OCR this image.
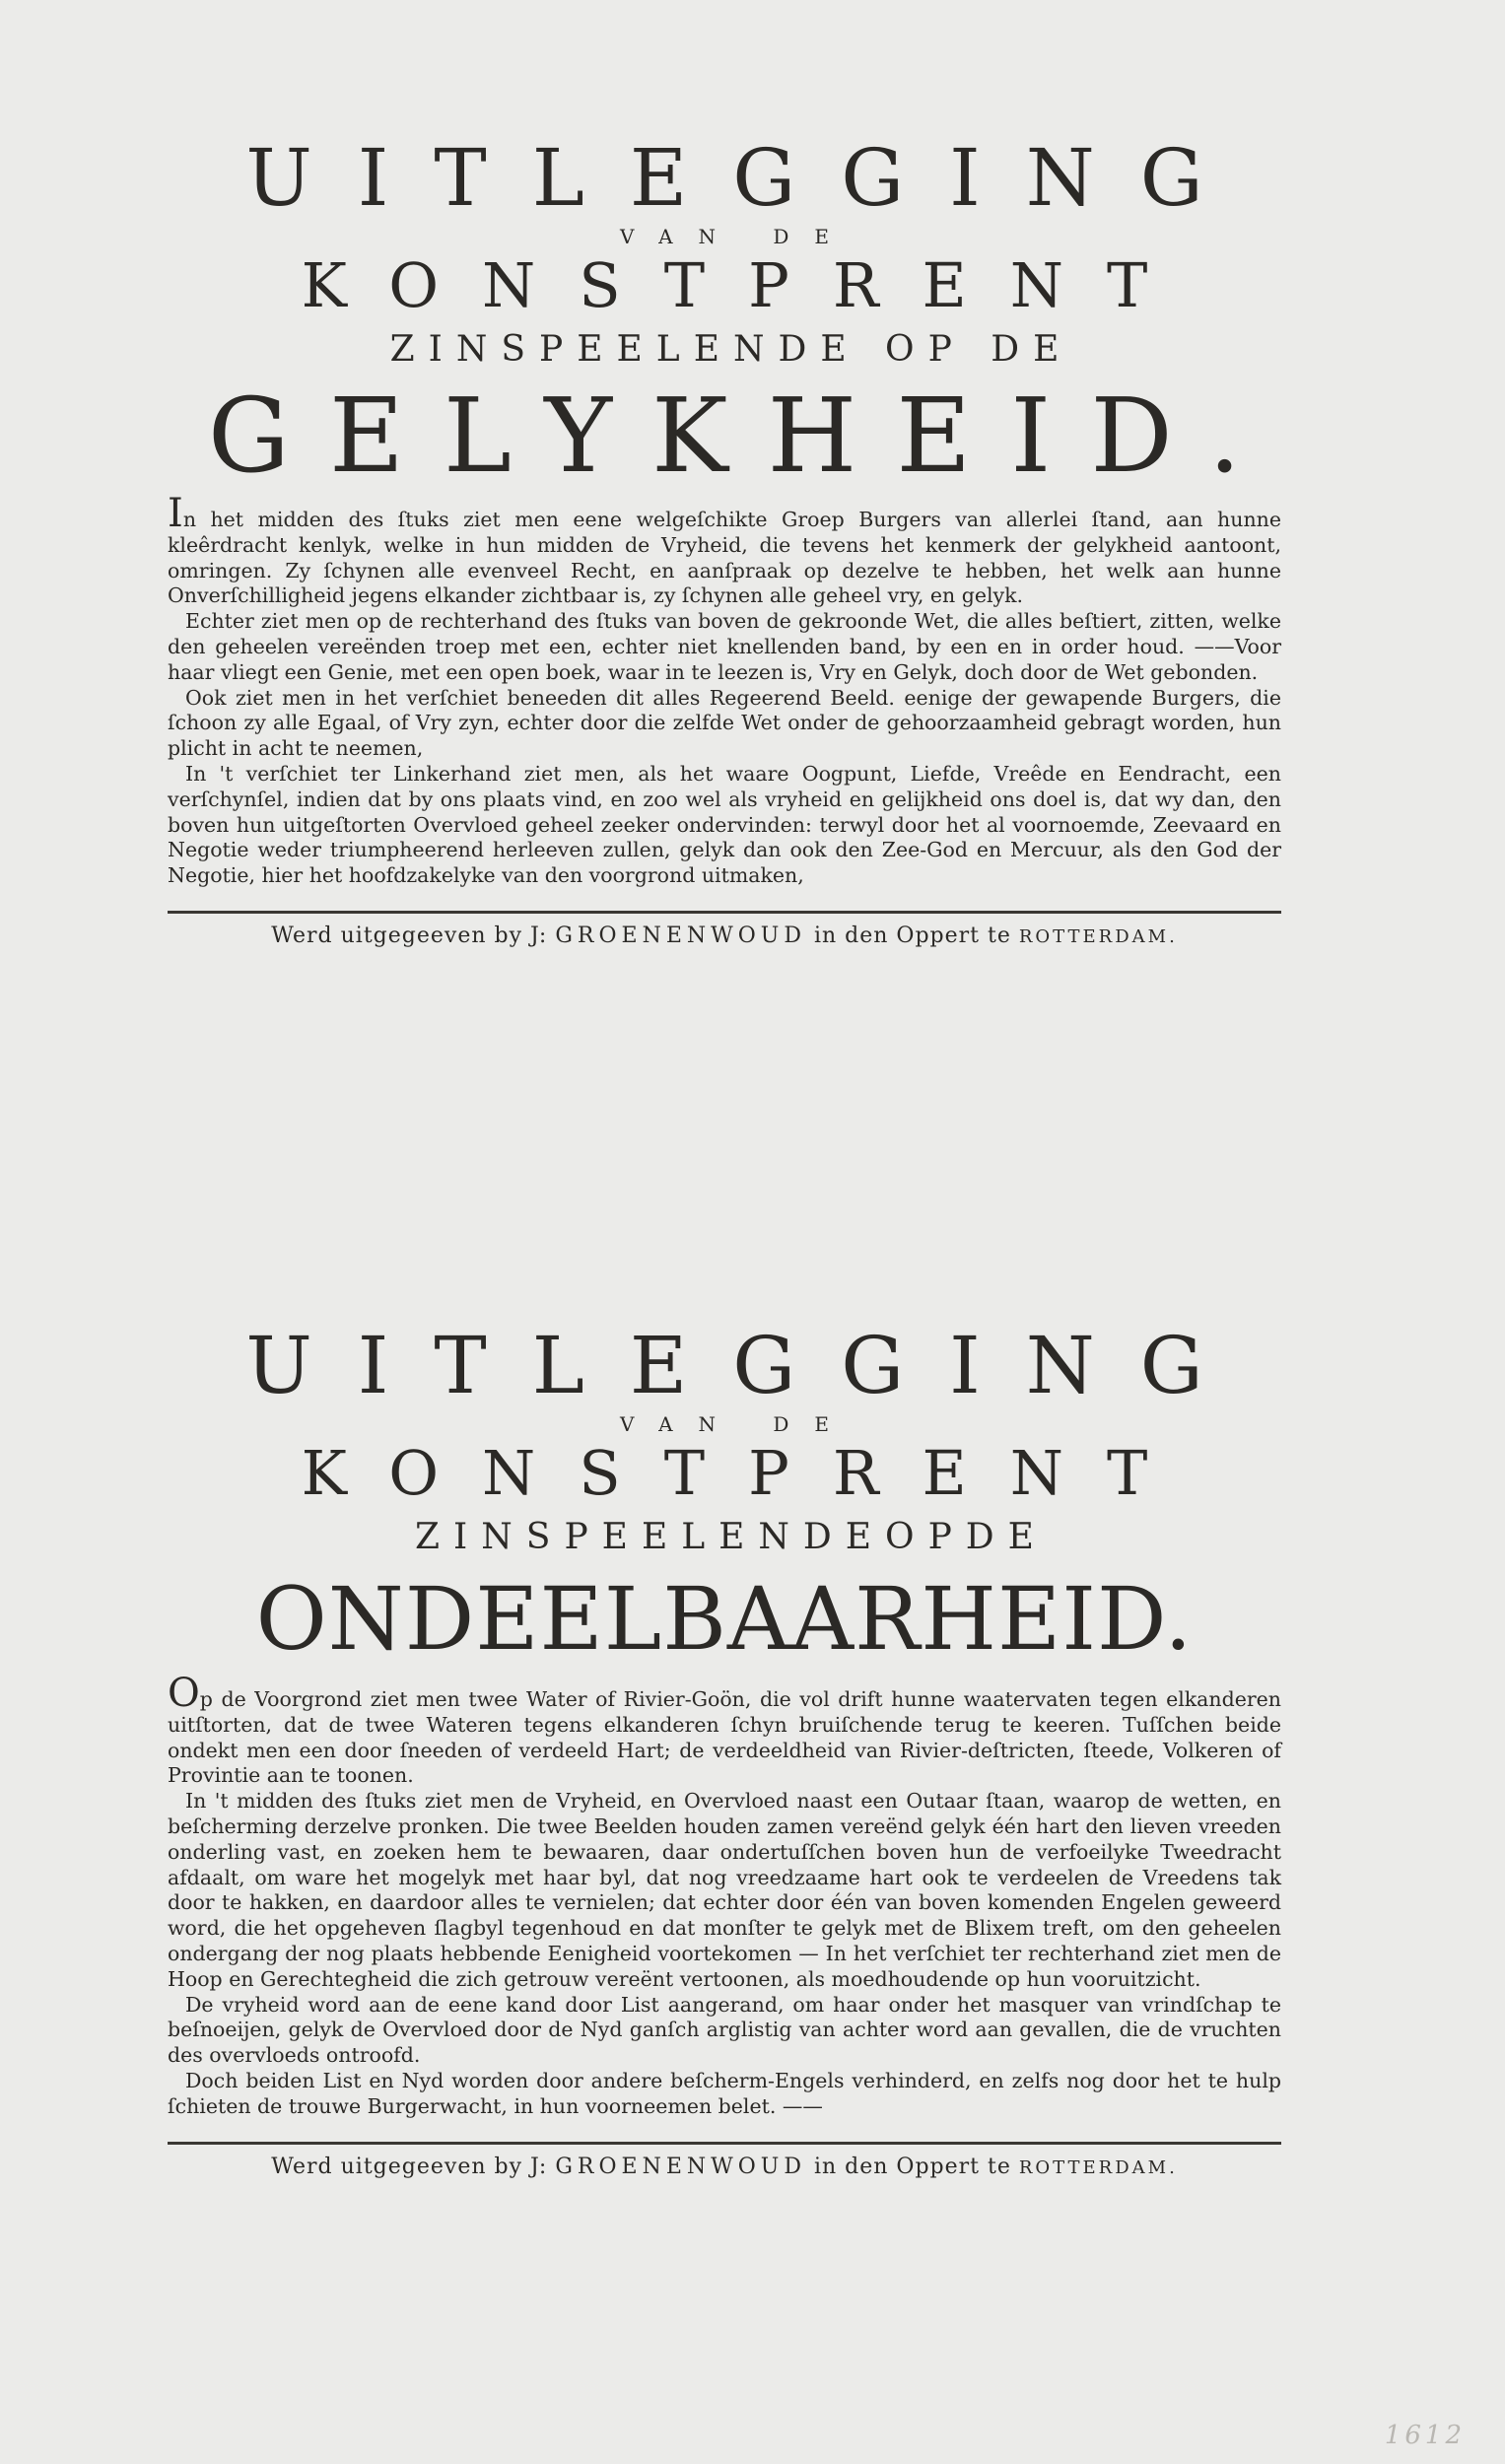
UITLEGGING
VAN DE
KONSTPRENT
ZINSPEELENDE OP DE
GELYKHEID.

In het midden des ſtuks ziet men eene welgeſchikte Groep Burgers van allerlei ſtand, aan hunne kleêrdracht kenlyk, welke in hun midden de Vryheid, die tevens het kenmerk der gelykheid aantoont, omringen. Zy ſchynen alle evenveel Recht, en aanſpraak op dezelve te hebben, het welk aan hunne Onverſchilligheid jegens elkander zichtbaar is, zy ſchynen alle geheel vry, en gelyk.

Echter ziet men op de rechterhand des ſtuks van boven de gekroonde Wet, die alles beſtiert, zitten, welke den geheelen vereënden troep met een, echter niet knellenden band, by een en in order houd. ——Voor haar vliegt een Genie, met een open boek, waar in te leezen is, Vry en Gelyk, doch door de Wet gebonden.

Ook ziet men in het verſchiet beneeden dit alles Regeerend Beeld. eenige der gewapende Burgers, die ſchoon zy alle Egaal, of Vry zyn, echter door die zelfde Wet onder de gehoorzaamheid gebragt worden, hun plicht in acht te neemen,

In 't verſchiet ter Linkerhand ziet men, als het waare Oogpunt, Liefde, Vreêde en Eendracht, een verſchynſel, indien dat by ons plaats vind, en zoo wel als vryheid en gelijkheid ons doel is, dat wy dan, den boven hun uitgeſtorten Overvloed geheel zeeker ondervinden: terwyl door het al voornoemde, Zeevaard en Negotie weder triumpheerend herleeven zullen, gelyk dan ook den Zee-God en Mercuur, als den God der Negotie, hier het hoofdzakelyke van den voorgrond uitmaken,

Werd uitgegeeven by J: GROENENWOUD in den Oppert te ROTTERDAM.

UITLEGGING
VAN DE
KONSTPRENT
ZINSPEELENDEOPDE
ONDEELBAARHEID.

Op de Voorgrond ziet men twee Water of Rivier-Goön, die vol drift hunne waatervaten tegen elkanderen uitſtorten, dat de twee Wateren tegens elkanderen ſchyn bruiſchende terug te keeren. Tuſſchen beide ondekt men een door ſneeden of verdeeld Hart; de verdeeldheid van Rivier-deſtricten, ſteede, Volkeren of Provintie aan te toonen.

In 't midden des ſtuks ziet men de Vryheid, en Overvloed naast een Outaar ſtaan, waarop de wetten, en beſcherming derzelve pronken. Die twee Beelden houden zamen vereënd gelyk één hart den lieven vreeden onderling vast, en zoeken hem te bewaaren, daar ondertuſſchen boven hun de verfoeilyke Tweedracht afdaalt, om ware het mogelyk met haar byl, dat nog vreedzaame hart ook te verdeelen de Vreedens tak door te hakken, en daardoor alles te vernielen; dat echter door één van boven komenden Engelen geweerd word, die het opgeheven ſlagbyl tegenhoud en dat monſter te gelyk met de Blixem treft, om den geheelen ondergang der nog plaats hebbende Eenigheid voortekomen — In het verſchiet ter rechterhand ziet men de Hoop en Gerechtegheid die zich getrouw vereënt vertoonen, als moedhoudende op hun vooruitzicht.

De vryheid word aan de eene kand door List aangerand, om haar onder het masquer van vrindſchap te beſnoeijen, gelyk de Overvloed door de Nyd ganſch arglistig van achter word aan gevallen, die de vruchten des overvloeds ontroofd.

Doch beiden List en Nyd worden door andere beſcherm-Engels verhinderd, en zelfs nog door het te hulp ſchieten de trouwe Burgerwacht, in hun voorneemen belet. ——

Werd uitgegeeven by J: GROENENWOUD in den Oppert te ROTTERDAM.

1612
